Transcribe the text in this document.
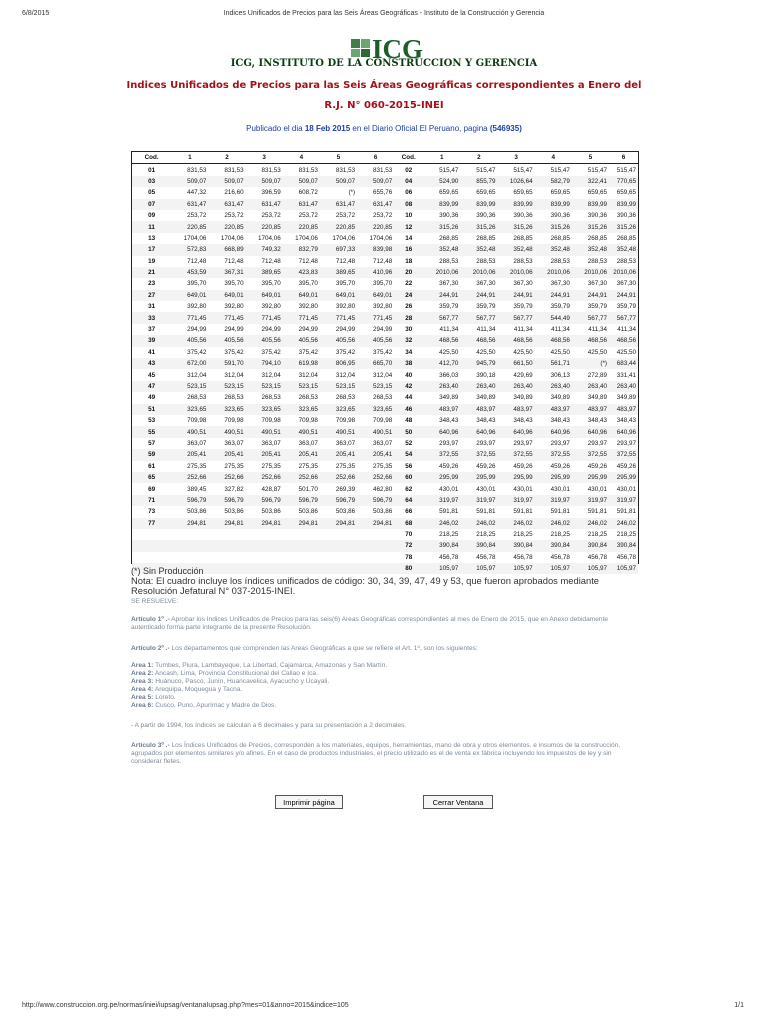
6/8/2015	Indices Unificados de Precios para las Seis Áreas Geográficas - Instituto de la Construcción y Gerencia
ICG
ICG, INSTITUTO DE LA CONSTRUCCION Y GERENCIA
Indices Unificados de Precios para las Seis Áreas Geográficas correspondientes a Enero del
R.J. N° 060-2015-INEI
Publicado el dia 18 Feb 2015 en el Diario Oficial El Peruano, pagina (546935)
Cod.	1	2	3	4	5	6	Cod.	1	2	3	4	5	6
01	831,53	831,53	831,53	831,53	831,53	831,53	02	515,47	515,47	515,47	515,47	515,47	515,47
03	509,07	509,07	509,07	509,07	509,07	509,07	04	524,90	855,79	1026,64	582,79	322,41	770,65
05	447,32	216,60	396,59	608,72	(*)	655,76	06	659,65	659,65	659,65	659,65	659,65	659,65
07	631,47	631,47	631,47	631,47	631,47	631,47	08	839,99	839,99	839,99	839,99	839,99	839,99
09	253,72	253,72	253,72	253,72	253,72	253,72	10	390,36	390,36	390,36	390,36	390,36	390,36
11	220,85	220,85	220,85	220,85	220,85	220,85	12	315,26	315,26	315,26	315,26	315,26	315,26
13	1704,06	1704,06	1704,06	1704,06	1704,06	1704,06	14	268,85	268,85	268,85	268,85	268,85	268,85
17	572,83	668,89	749,32	832,79	697,33	839,98	16	352,48	352,48	352,48	352,48	352,48	352,48
19	712,48	712,48	712,48	712,48	712,48	712,48	18	288,53	288,53	288,53	288,53	288,53	288,53
21	453,59	367,31	389,65	423,83	389,65	410,96	20	2010,06	2010,06	2010,06	2010,06	2010,06	2010,06
23	395,70	395,70	395,70	395,70	395,70	395,70	22	367,30	367,30	367,30	367,30	367,30	367,30
27	649,01	649,01	649,01	649,01	649,01	649,01	24	244,91	244,91	244,91	244,91	244,91	244,91
31	392,80	392,80	392,80	392,80	392,80	392,80	26	359,79	359,79	359,79	359,79	359,79	359,79
33	771,45	771,45	771,45	771,45	771,45	771,45	28	567,77	567,77	567,77	544,49	567,77	567,77
37	294,99	294,99	294,99	294,99	294,99	294,99	30	411,34	411,34	411,34	411,34	411,34	411,34
39	405,56	405,56	405,56	405,56	405,56	405,56	32	468,56	468,56	468,56	468,56	468,56	468,56
41	375,42	375,42	375,42	375,42	375,42	375,42	34	425,50	425,50	425,50	425,50	425,50	425,50
43	672,00	591,70	794,10	619,98	806,95	665,70	38	412,70	945,79	661,50	561,71	(*)	683,44
45	312,04	312,04	312,04	312,04	312,04	312,04	40	366,03	390,18	429,69	306,13	272,89	331,41
47	523,15	523,15	523,15	523,15	523,15	523,15	42	263,40	263,40	263,40	263,40	263,40	263,40
49	268,53	268,53	268,53	268,53	268,53	268,53	44	349,89	349,89	349,89	349,89	349,89	349,89
51	323,65	323,65	323,65	323,65	323,65	323,65	46	483,97	483,97	483,97	483,97	483,97	483,97
53	709,98	709,98	709,98	709,98	709,98	709,98	48	348,43	348,43	348,43	348,43	348,43	348,43
55	490,51	490,51	490,51	490,51	490,51	490,51	50	640,96	640,96	640,96	640,96	640,96	640,96
57	363,07	363,07	363,07	363,07	363,07	363,07	52	293,97	293,97	293,97	293,97	293,97	293,97
59	205,41	205,41	205,41	205,41	205,41	205,41	54	372,55	372,55	372,55	372,55	372,55	372,55
61	275,35	275,35	275,35	275,35	275,35	275,35	56	459,26	459,26	459,26	459,26	459,26	459,26
65	252,66	252,66	252,66	252,66	252,66	252,66	60	295,99	295,99	295,99	295,99	295,99	295,99
69	389,45	327,82	428,87	501,70	269,39	462,80	62	430,01	430,01	430,01	430,01	430,01	430,01
71	596,79	596,79	596,79	596,79	596,79	596,79	64	319,97	319,97	319,97	319,97	319,97	319,97
73	503,86	503,86	503,86	503,86	503,86	503,86	66	591,81	591,81	591,81	591,81	591,81	591,81
77	294,81	294,81	294,81	294,81	294,81	294,81	68	246,02	246,02	246,02	246,02	246,02	246,02
							70	218,25	218,25	218,25	218,25	218,25	218,25
							72	390,84	390,84	390,84	390,84	390,84	390,84
							78	456,78	456,78	456,78	456,78	456,78	456,78
							80	105,97	105,97	105,97	105,97	105,97	105,97
(*) Sin Producción
Nota: El cuadro incluye los índices unificados de código: 30, 34, 39, 47, 49 y 53, que fueron aprobados mediante
Resolución Jefatural N° 037-2015-INEI.
SE RESUELVE:
Artículo 1º .- Aprobar los Indices Unificados de Precios para las seis(6) Areas Geográficas correspondientes al mes de Enero de 2015, que en Anexo debidamente autenticado forma parte integrante de la presente Resolución.
Artículo 2º .- Los departamentos que comprenden las Areas Geográficas a que se refiere el Art. 1º, son los siguientes:
Area 1: Tumbes, Piura, Lambayeque, La Libertad, Cajamarca, Amazonas y San Martín.
Area 2: Ancash, Lima, Provincia Constitucional del Callao e Ica.
Area 3: Huánuco, Pasco, Junín, Huancavelica, Ayacucho y Ucayali.
Area 4: Arequipa, Moquegua y Tacna.
Area 5: Loreto.
Area 6: Cusco, Puno, Apurímac y Madre de Dios.
- A partir de 1994, los índices se calculan a 6 decimales y para su presentación a 2 decimales.
Artículo 3º .- Los Índices Unificados de Precios, corresponden a los materiales, equipos, herramientas, mano de obra y otros elementos. e insumos de la construcción, agrupados por elementos similares y/o afines. En el caso de productos industriales, el precio utilizado es el de venta ex fábrica incluyendo los impuestos de ley y sin considerar fletes.
Imprimir página	Cerrar Ventana
http://www.construccion.org.pe/normas/iniei/iupsag/ventanaIupsag.php?mes=01&anno=2015&indice=105	1/1
